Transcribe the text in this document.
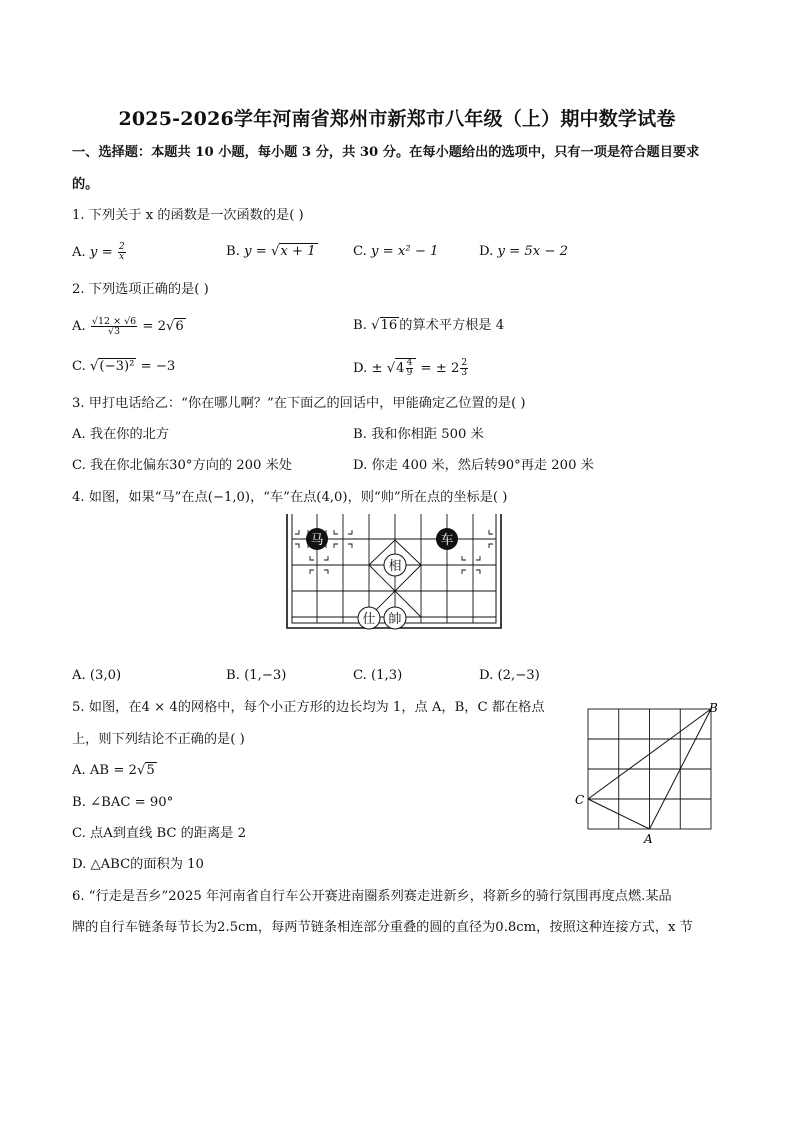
2025-2026学年河南省郑州市新郑市八年级（上）期中数学试卷
一、选择题：本题共 10 小题，每小题 3 分，共 30 分。在每小题给出的选项中，只有一项是符合题目要求
的。
1. 下列关于 x 的函数是一次函数的是( )
A. $y = \frac{2}{x}$	B. y = √x + 1	C. y = x² − 1	D. y = 5x − 2
2. 下列选项正确的是( )
A. $\frac{√12 \times √6}{√3} = 2√6$	B. √16 的算术平方根是 4
C. √(−3)² = −3	D. ± $√4 \frac{4}{9}$ = ± $2 \frac{2}{3}$
3. 甲打电话给乙：“你在哪儿啊？”在下面乙的回话中，甲能确定乙位置的是( )
A. 我在你的北方	B. 我和你相距 500 米
C. 我在你北偏东30°方向的 200 米处	D. 你走 400 米，然后转90°再走 200 米
4. 如图，如果“马”在点(−1,0)，“车”在点(4,0)，则“帅”所在点的坐标是( )
马	车
相
仕 帥
A. (3,0)	B. (1,−3)	C. (1,3)	D. (2,−3)
5. 如图，在4 × 4的网格中，每个小正方形的边长均为 1，点 A，B，C 都在格点
上，则下列结论不正确的是( )
A. AB = 2√5
B. ∠BAC = 90°
C. 点A到直线 BC 的距离是 2
D. △ABC的面积为 10
B
C
A
6. “行走是吾乡”2025 年河南省自行车公开赛进南圈系列赛走进新乡，将新乡的骑行氛围再度点燃.某品
牌的自行车链条每节长为2.5cm，每两节链条相连部分重叠的圆的直径为0.8cm，按照这种连接方式，x 节
